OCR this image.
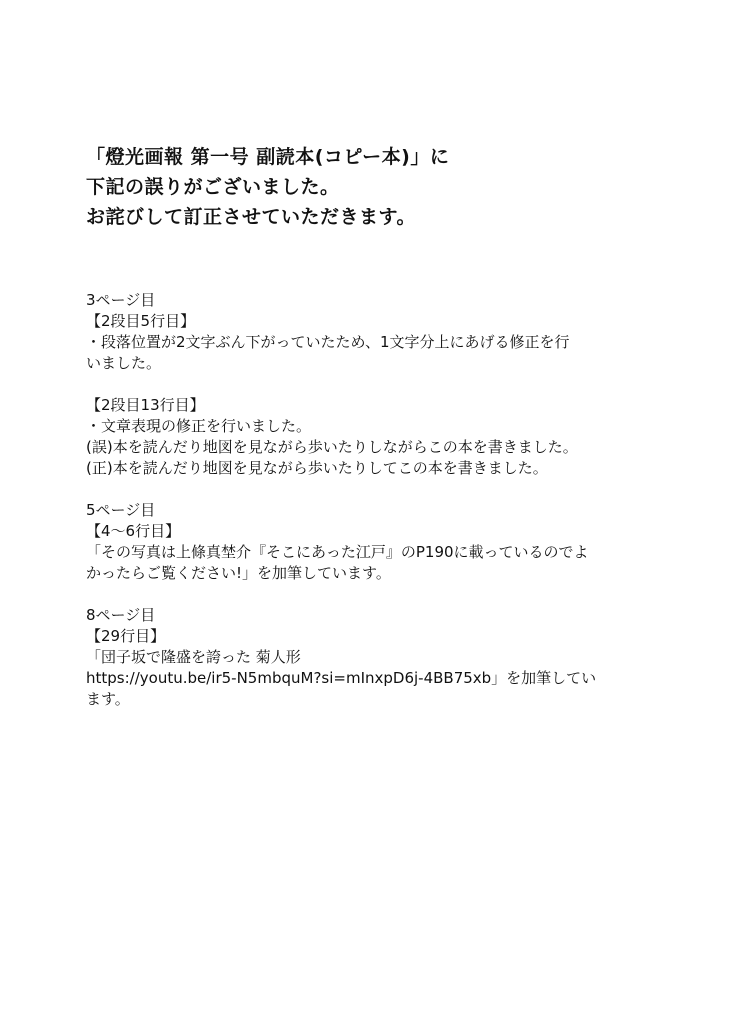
「燈光画報 第一号 副読本(コピー本)」に
下記の誤りがございました。
お詫びして訂正させていただきます。
3ページ目
【2段目5行目】
・段落位置が2文字ぶん下がっていたため、1文字分上にあげる修正を行
いました。
【2段目13行目】
・文章表現の修正を行いました。
(誤)本を読んだり地図を見ながら歩いたりしながらこの本を書きました。
(正)本を読んだり地図を見ながら歩いたりしてこの本を書きました。
5ページ目
【4〜6行目】
「その写真は上條真埜介『そこにあった江戸』のP190に載っているのでよ
かったらご覧ください!」を加筆しています。
8ページ目
【29行目】
「団子坂で隆盛を誇った 菊人形
https://youtu.be/ir5-N5mbquM?si=mInxpD6j-4BB75xb」を加筆してい
ます。
